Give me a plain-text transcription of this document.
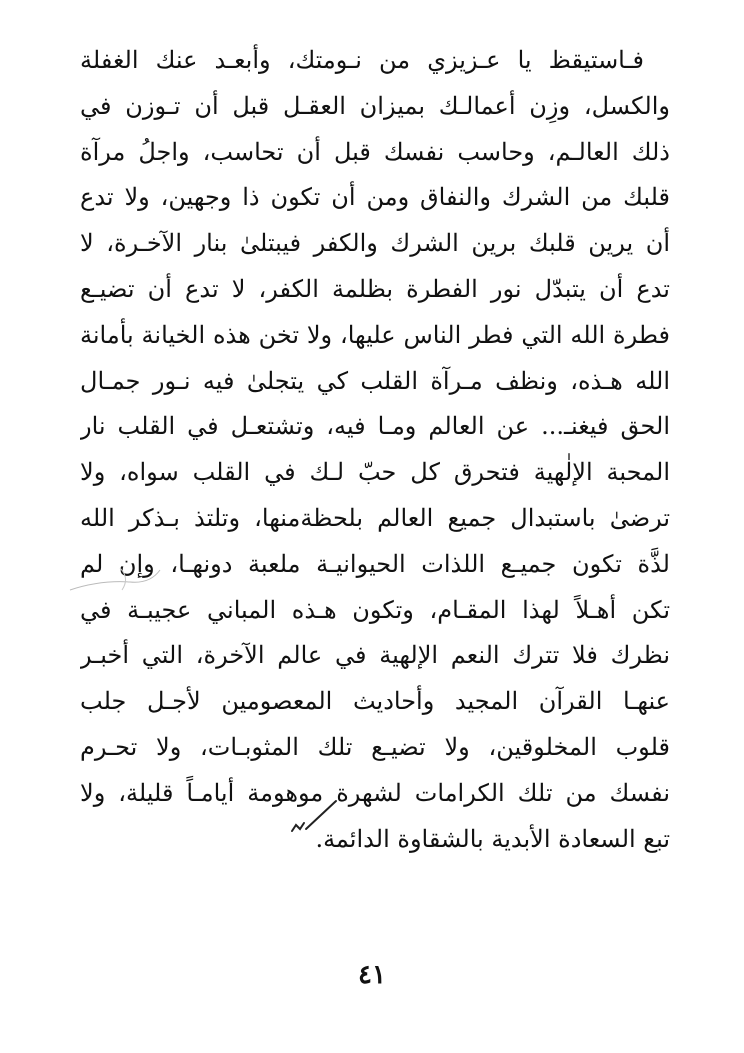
فـاستيقظ يا عـزيزي من نـومتك، وأبعـد عنك الغفلة
والكسل، وزِن أعمالـك بميزان العقـل قبل أن تـوزن في
ذلك العالـم، وحاسب نفسك قبل أن تحاسب، واجلُ مرآة
قلبك من الشرك والنفاق ومن أن تكون ذا وجهين، ولا تدع
أن يرين قلبك برين الشرك والكفر فيبتلىٰ بنار الآخـرة، لا
تدع أن يتبدّل نور الفطرة بظلمة الكفر، لا تدع أن تضيـع
فطرة الله التي فطر الناس عليها، ولا تخن هذه الخيانة بأمانة
الله هـذه، ونظف مـرآة القلب كي يتجلىٰ فيه نـور جمـال
الحق فيغنـ... عن العالم ومـا فيه، وتشتعـل في القلب نار
المحبة الإلٰهية فتحرق كل حبّ لـك في القلب سواه، ولا
ترضىٰ باستبدال جميع العالم بلحظةمنها، وتلتذ بـذكر الله
لذَّة تكون جميـع اللذات الحيوانيـة ملعبة دونهـا، وإن لم
تكن أهـلاً لهذا المقـام، وتكون هـذه المباني عجيبـة في
نظرك فلا تترك النعم الإلهية في عالم الآخرة، التي أخبـر
عنهـا القرآن المجيد وأحاديث المعصومين لأجـل جلب
قلوب المخلوقين، ولا تضيـع تلك المثوبـات، ولا تحـرم
نفسك من تلك الكرامات لشهرة موهومة أيامـاً قليلة، ولا
تبع السعادة الأبدية بالشقاوة الدائمة.
٤١
